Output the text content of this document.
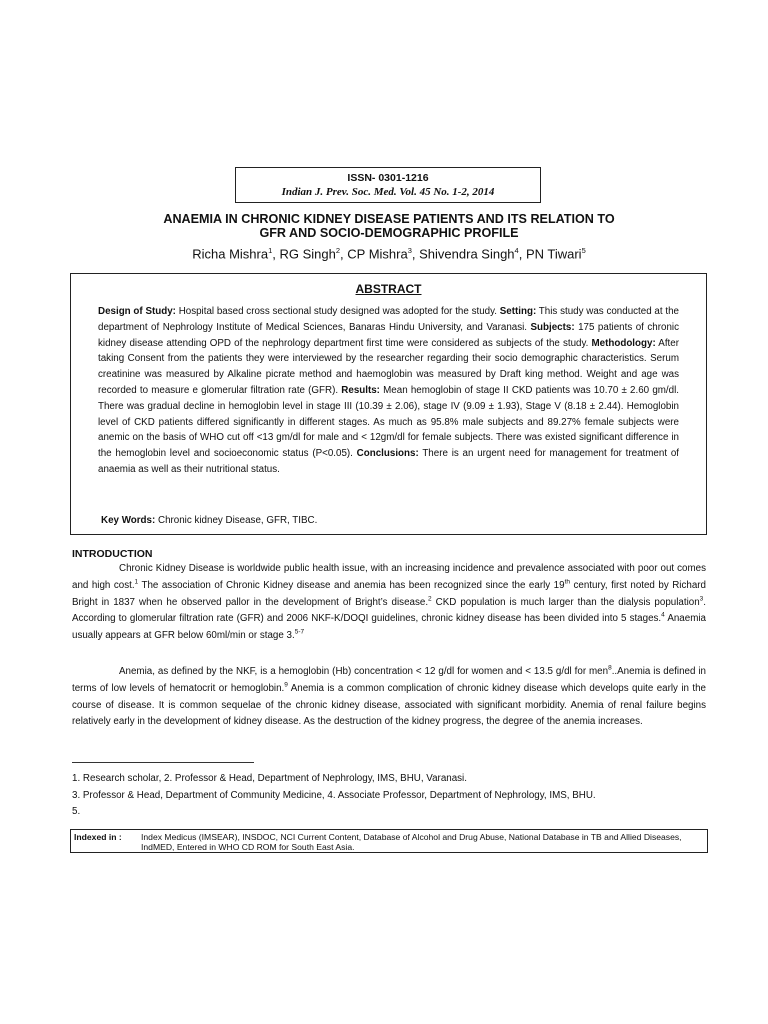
ISSN- 0301-1216
Indian J. Prev. Soc. Med. Vol. 45 No. 1-2, 2014
ANAEMIA IN CHRONIC KIDNEY DISEASE PATIENTS AND ITS RELATION TO
GFR AND SOCIO-DEMOGRAPHIC PROFILE
Richa Mishra$^1$, RG Singh$^2$, CP Mishra$^3$, Shivendra Singh$^4$, PN Tiwari$^5$
ABSTRACT
Design of Study: Hospital based cross sectional study designed was adopted for the study. Setting: This study was conducted at the department of Nephrology Institute of Medical Sciences, Banaras Hindu University, and Varanasi. Subjects: 175 patients of chronic kidney disease attending OPD of the nephrology department first time were considered as subjects of the study. Methodology: After taking Consent from the patients they were interviewed by the researcher regarding their socio demographic characteristics. Serum creatinine was measured by Alkaline picrate method and haemoglobin was measured by Draft king method. Weight and age was recorded to measure e glomerular filtration rate (GFR). Results: Mean hemoglobin of stage II CKD patients was 10.70 ± 2.60 gm/dl. There was gradual decline in hemoglobin level in stage III (10.39 ± 2.06), stage IV (9.09 ± 1.93), Stage V (8.18 ± 2.44). Hemoglobin level of CKD patients differed significantly in different stages. As much as 95.8% male subjects and 89.27% female subjects were anemic on the basis of WHO cut off <13 gm/dl for male and < 12gm/dl for female subjects. There was existed significant difference in the hemoglobin level and socioeconomic status (P<0.05). Conclusions: There is an urgent need for management for treatment of anaemia as well as their nutritional status.
Key Words: Chronic kidney Disease, GFR, TIBC.
INTRODUCTION
Chronic Kidney Disease is worldwide public health issue, with an increasing incidence and prevalence associated with poor out comes and high cost.$^1$ The association of Chronic Kidney disease and anemia has been recognized since the early 19th century, first noted by Richard Bright in 1837 when he observed pallor in the development of Bright’s disease.$^2$ CKD population is much larger than the dialysis population$^3$. According to glomerular filtration rate (GFR) and 2006 NKF-K/DOQI guidelines, chronic kidney disease has been divided into 5 stages.$^4$ Anaemia usually appears at GFR below 60ml/min or stage 3.$^{5-7}$
Anemia, as defined by the NKF, is a hemoglobin (Hb) concentration < 12 g/dl for women and < 13.5 g/dl for men$^8$..Anemia is defined in terms of low levels of hematocrit or hemoglobin.$^9$ Anemia is a common complication of chronic kidney disease which develops quite early in the course of disease. It is common sequelae of the chronic kidney disease, associated with significant morbidity. Anemia of renal failure begins relatively early in the development of kidney disease. As the destruction of the kidney progress, the degree of the anemia increases.
1. Research scholar, 2. Professor & Head, Department of Nephrology, IMS, BHU, Varanasi.
3. Professor & Head, Department of Community Medicine, 4. Associate Professor, Department of Nephrology, IMS, BHU.
5.
Indexed in : Index Medicus (IMSEAR), INSDOC, NCI Current Content, Database of Alcohol and Drug Abuse, National Database in TB and Allied Diseases, IndMED, Entered in WHO CD ROM for South East Asia.
